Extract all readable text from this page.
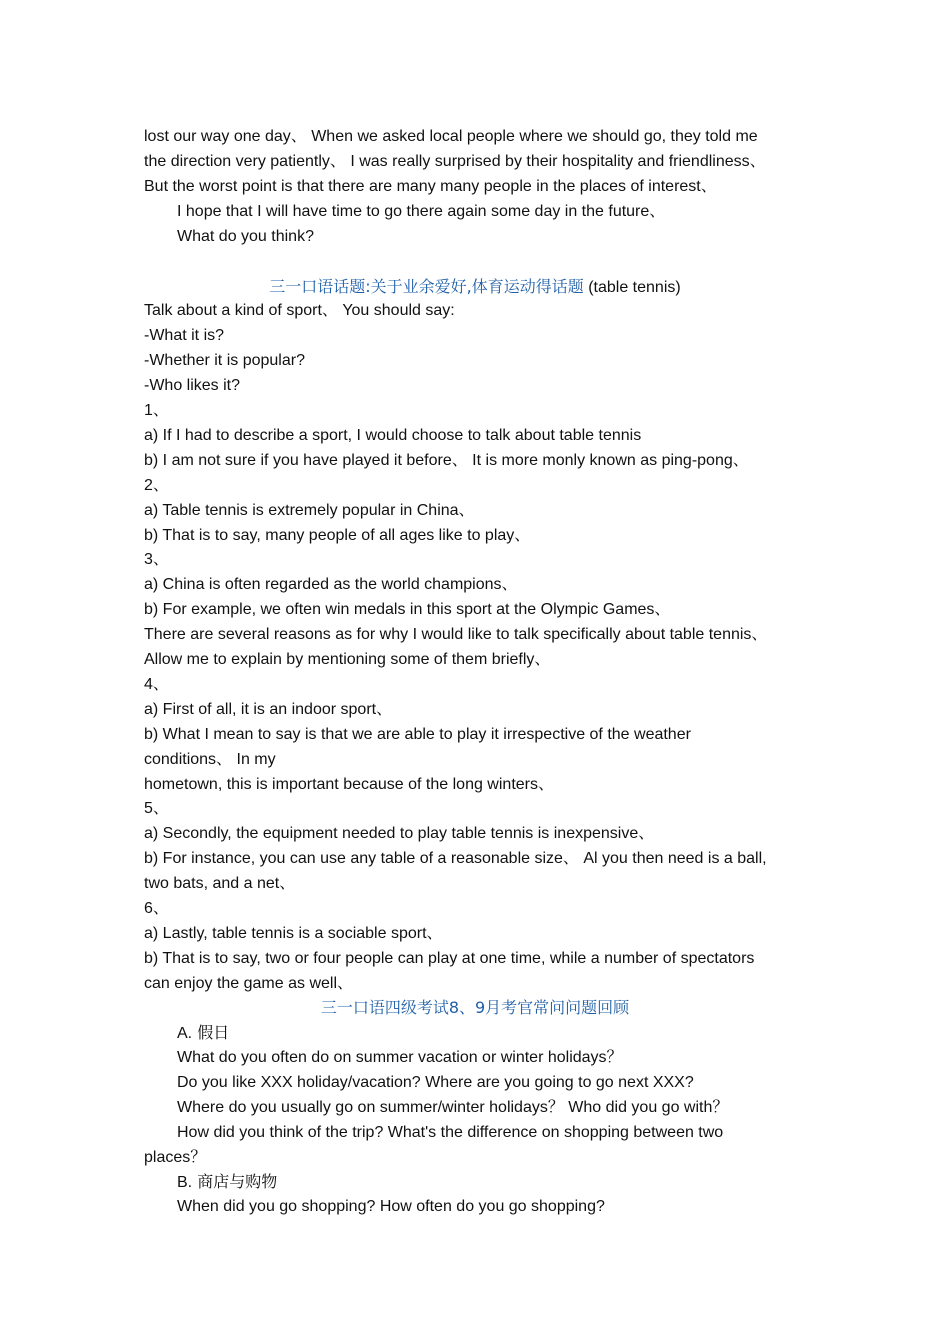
lost our way one day、 When we asked local people where we should go, they told me
the direction very patiently、 I was really surprised by their hospitality and friendliness、
But the worst point is that there are many many people in the places of interest、
I hope that I will have time to go there again some day in the future、
What do you think?
三一口语话题:关于业余爱好,体育运动得话题 (table tennis)
Talk about a kind of sport、 You should say:
-What it is?
-Whether it is popular?
-Who likes it?
1、
a) If I had to describe a sport, I would choose to talk about table tennis
b) I am not sure if you have played it before、 It is more monly known as ping-pong、
2、
a) Table tennis is extremely popular in China、
b) That is to say, many people of all ages like to play、
3、
a) China is often regarded as the world champions、
b) For example, we often win medals in this sport at the Olympic Games、
There are several reasons as for why I would like to talk specifically about table tennis、
Allow me to explain by mentioning some of them briefly、
4、
a) First of all, it is an indoor sport、
b) What I mean to say is that we are able to play it irrespective of the weather
conditions、 In my
hometown, this is important because of the long winters、
5、
a) Secondly, the equipment needed to play table tennis is inexpensive、
b) For instance, you can use any table of a reasonable size、 Al you then need is a ball,
two bats, and a net、
6、
a) Lastly, table tennis is a sociable sport、
b) That is to say, two or four people can play at one time, while a number of spectators
can enjoy the game as well、
三一口语四级考试8、9月考官常问问题回顾
A. 假日
What do you often do on summer vacation or winter holidays？
Do you like XXX holiday/vacation? Where are you going to go next XXX?
Where do you usually go on summer/winter holidays？ Who did you go with？
How did you think of the trip? What's the difference on shopping between two
places？
B. 商店与购物
When did you go shopping? How often do you go shopping?
